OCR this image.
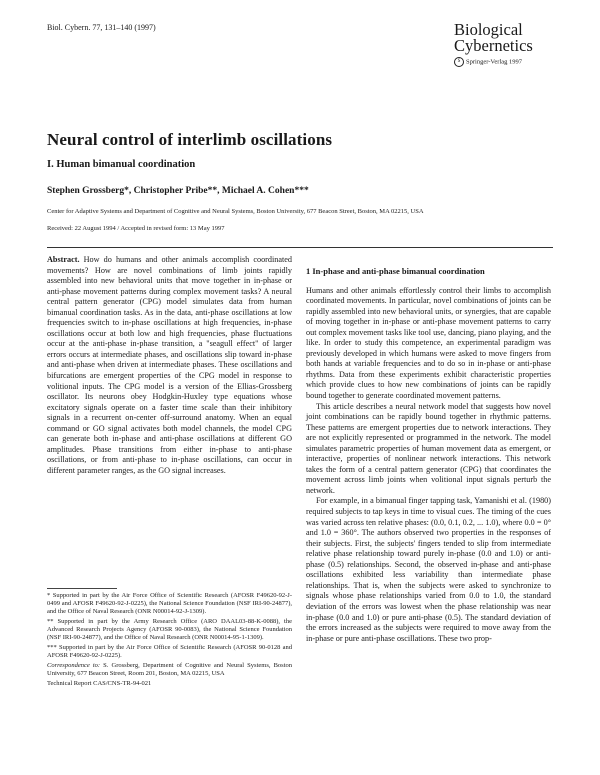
Biol. Cybern. 77, 131–140 (1997)	Biological
Cybernetics
S Springer-Verlag 1997
Neural control of interlimb oscillations
I. Human bimanual coordination
Stephen Grossberg*, Christopher Pribe**, Michael A. Cohen***
Center for Adaptive Systems and Department of Cognitive and Neural Systems, Boston University, 677 Beacon Street, Boston, MA 02215, USA
Received: 22 August 1994 / Accepted in revised form: 13 May 1997

Abstract. How do humans and other animals accomplish coordinated movements? How are novel combinations of limb joints rapidly assembled into new behavioral units that move together in in-phase or anti-phase movement patterns during complex movement tasks? A neural central pattern generator (CPG) model simulates data from human bimanual coordination tasks. As in the data, anti-phase oscillations at low frequencies switch to in-phase oscillations at high frequencies, in-phase oscillations occur at both low and high frequencies, phase fluctuations occur at the anti-phase in-phase transition, a "seagull effect" of larger errors occurs at intermediate phases, and oscillations slip toward in-phase and anti-phase when driven at intermediate phases. These oscillations and bifurcations are emergent properties of the CPG model in response to volitional inputs. The CPG model is a version of the Ellias-Grossberg oscillator. Its neurons obey Hodgkin-Huxley type equations whose excitatory signals operate on a faster time scale than their inhibitory signals in a recurrent on-center off-surround anatomy. When an equal command or GO signal activates both model channels, the model CPG can generate both in-phase and anti-phase oscillations at different GO amplitudes. Phase transitions from either in-phase to anti-phase oscillations, or from anti-phase to in-phase oscillations, can occur in different parameter ranges, as the GO signal increases.

* Supported in part by the Air Force Office of Scientific Research (AFOSR F49620-92-J-0499 and AFOSR F49620-92-J-0225), the National Science Foundation (NSF IRI-90-24877), and the Office of Naval Research (ONR N00014-92-J-1309).

** Supported in part by the Army Research Office (ARO DAAL03-88-K-0088), the Advanced Research Projects Agency (AFOSR 90-0083), the National Science Foundation (NSF IRI-90-24877), and the Office of Naval Research (ONR N00014-95-1-1309).

*** Supported in part by the Air Force Office of Scientific Research (AFOSR 90-0128 and AFOSR F49620-92-J-0225).

Correspondence to: S. Grossberg, Department of Cognitive and Neural Systems, Boston University, 677 Beacon Street, Room 201, Boston, MA 02215, USA

Technical Report CAS/CNS-TR-94-021

1 In-phase and anti-phase bimanual coordination

Humans and other animals effortlessly control their limbs to accomplish coordinated movements. In particular, novel combinations of joints can be rapidly assembled into new behavioral units, or synergies, that are capable of moving together in in-phase or anti-phase movement patterns to carry out complex movement tasks like tool use, dancing, piano playing, and the like. In order to study this competence, an experimental paradigm was previously developed in which humans were asked to move fingers from both hands at variable frequencies and to do so in in-phase or anti-phase rhythms. Data from these experiments exhibit characteristic properties which provide clues to how new combinations of joints can be rapidly bound together to generate coordinated movement patterns.

This article describes a neural network model that suggests how novel joint combinations can be rapidly bound together in rhythmic patterns. These patterns are emergent properties due to network interactions. They are not explicitly represented or programmed in the network. The model simulates parametric properties of human movement data as emergent, or interactive, properties of nonlinear network interactions. This network takes the form of a central pattern generator (CPG) that coordinates the movement across limb joints when volitional input signals perturb the network.

For example, in a bimanual finger tapping task, Yamanishi et al. (1980) required subjects to tap keys in time to visual cues. The timing of the cues was varied across ten relative phases: (0.0, 0.1, 0.2, ... 1.0), where 0.0 = 0° and 1.0 = 360°. The authors observed two properties in the responses of their subjects. First, the subjects' fingers tended to slip from intermediate relative phase relationship toward purely in-phase (0.0 and 1.0) or anti-phase (0.5) relationships. Second, the observed in-phase and anti-phase oscillations exhibited less variability than intermediate phase relationships. That is, when the subjects were asked to synchronize to signals whose phase relationships varied from 0.0 to 1.0, the standard deviation of the errors was lowest when the phase relationship was near in-phase (0.0 and 1.0) or pure anti-phase (0.5). The standard deviation of the errors increased as the subjects were required to move away from the in-phase or pure anti-phase oscillations. These two prop-
